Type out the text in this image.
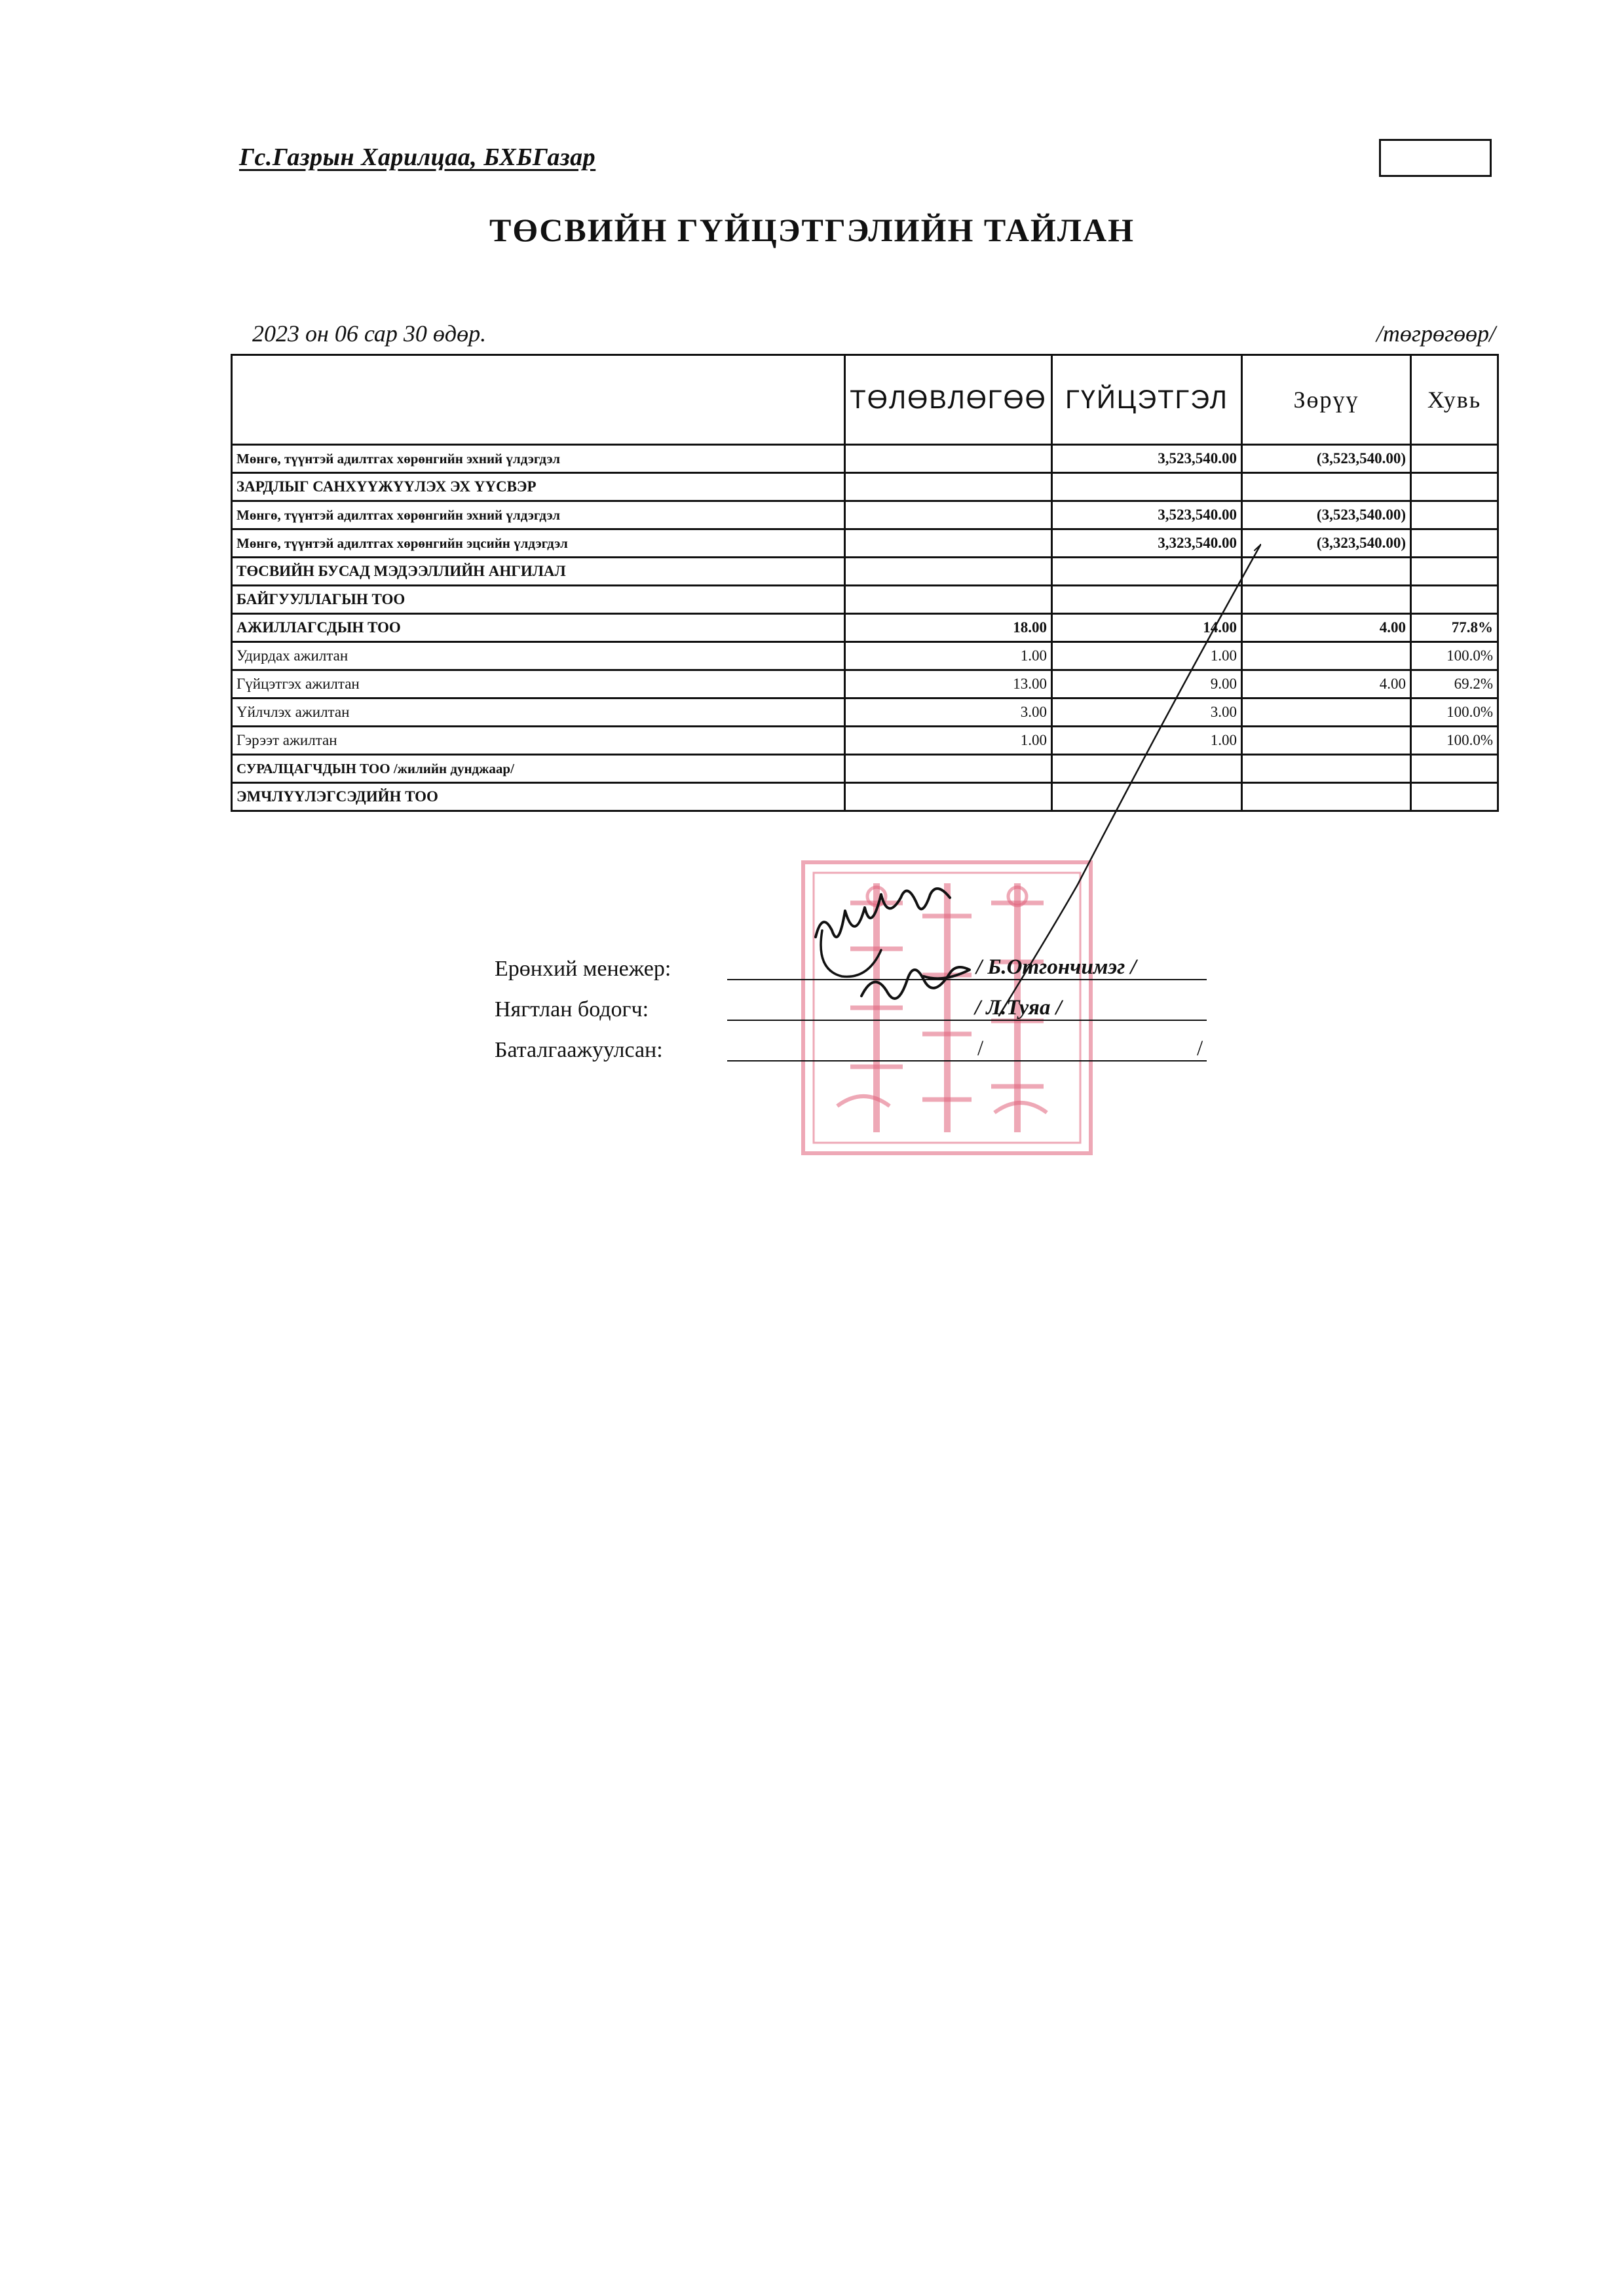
Гс.Газрын Харилцаа, БХБГазар
ТӨСВИЙН ГҮЙЦЭТГЭЛИЙН ТАЙЛАН
2023 он 06 сар 30 өдөр.	/төгрөгөөр/
	ТӨЛӨВЛӨГӨӨ	ГҮЙЦЭТГЭЛ	Зөрүү	Хувь
Мөнгө, түүнтэй адилтгах хөрөнгийн эхний үлдэгдэл		3,523,540.00	(3,523,540.00)	
ЗАРДЛЫГ САНХҮҮЖҮҮЛЭХ ЭХ ҮҮСВЭР				
Мөнгө, түүнтэй адилтгах хөрөнгийн эхний үлдэгдэл		3,523,540.00	(3,523,540.00)	
Мөнгө, түүнтэй адилтгах хөрөнгийн эцсийн үлдэгдэл		3,323,540.00	(3,323,540.00)	
ТӨСВИЙН БУСАД МЭДЭЭЛЛИЙН АНГИЛАЛ				
БАЙГУУЛЛАГЫН ТОО				
АЖИЛЛАГСДЫН ТОО	18.00	14.00	4.00	77.8%
Удирдах ажилтан	1.00	1.00		100.0%
Гүйцэтгэх ажилтан	13.00	9.00	4.00	69.2%
Үйлчлэх ажилтан	3.00	3.00		100.0%
Гэрээт ажилтан	1.00	1.00		100.0%
СУРАЛЦАГЧДЫН ТОО /жилийн дунджаар/				
ЭМЧЛҮҮЛЭГСЭДИЙН ТОО				
Ерөнхий менежер:	/ Б.Отгончимэг /
Нягтлан бодогч:	/ Л.Туяа /
Баталгаажуулсан:	/	/
